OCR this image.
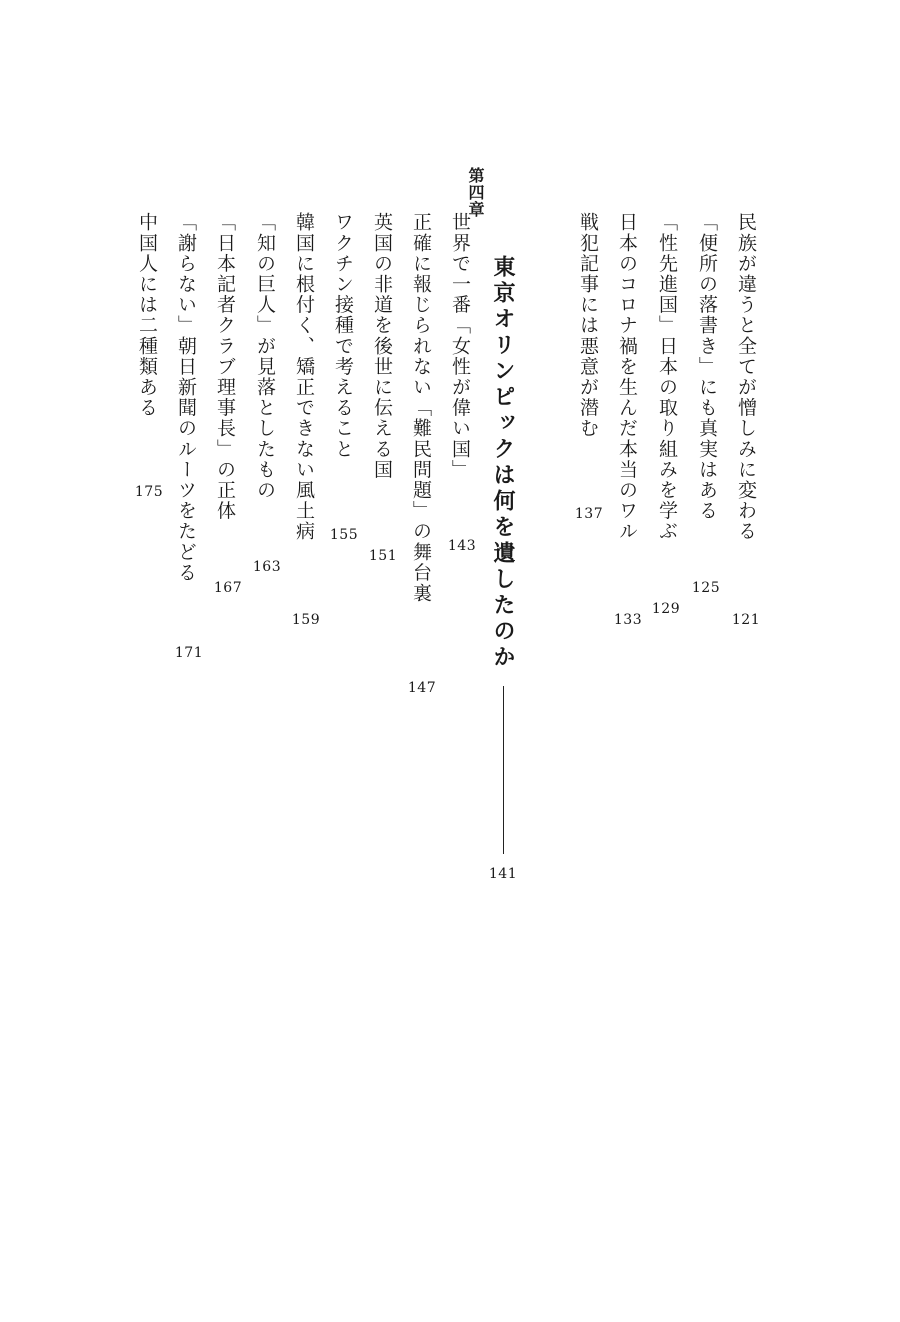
民族が違うと全てが憎しみに変わる
121
「便所の落書き」にも真実はある
125
「性先進国」日本の取り組みを学ぶ
129
日本のコロナ禍を生んだ本当のワル
133
戦犯記事には悪意が潜む
137
第四章
東京オリンピックは何を遺したのか
141
世界で一番「女性が偉い国」
143
正確に報じられない「難民問題」の舞台裏
147
英国の非道を後世に伝える国
151
ワクチン接種で考えること
155
韓国に根付く、矯正できない風土病
159
「知の巨人」が見落としたもの
163
「日本記者クラブ理事長」の正体
167
「謝らない」朝日新聞のルーツをたどる
171
中国人には二種類ある
175
